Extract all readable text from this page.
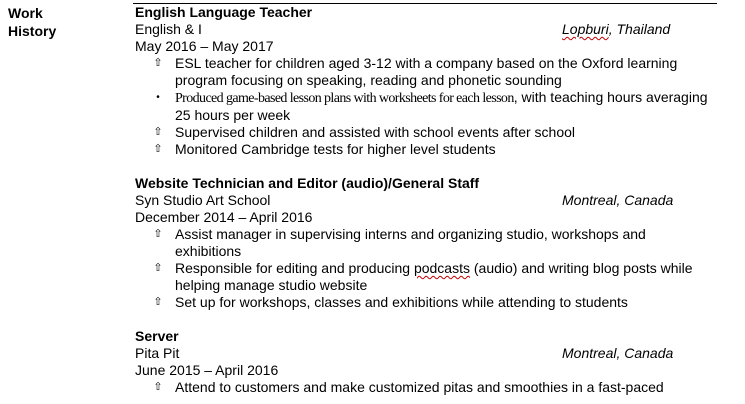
Work
History
English Language Teacher
English & I	Lopburi, Thailand
May 2016 – May 2017
⇧ ESL teacher for children aged 3-12 with a company based on the Oxford learning program focusing on speaking, reading and phonetic sounding
•	Produced game-based lesson plans with worksheets for each lesson, with teaching hours averaging 25 hours per week
⇧ Supervised children and assisted with school events after school
⇧ Monitored Cambridge tests for higher level students
Website Technician and Editor (audio)/General Staff
Syn Studio Art School	Montreal, Canada
December 2014 – April 2016
⇧ Assist manager in supervising interns and organizing studio, workshops and exhibitions
⇧ Responsible for editing and producing podcasts (audio) and writing blog posts while helping manage studio website
⇧ Set up for workshops, classes and exhibitions while attending to students
Server
Pita Pit	Montreal, Canada
June 2015 – April 2016
⇧ Attend to customers and make customized pitas and smoothies in a fast-paced
